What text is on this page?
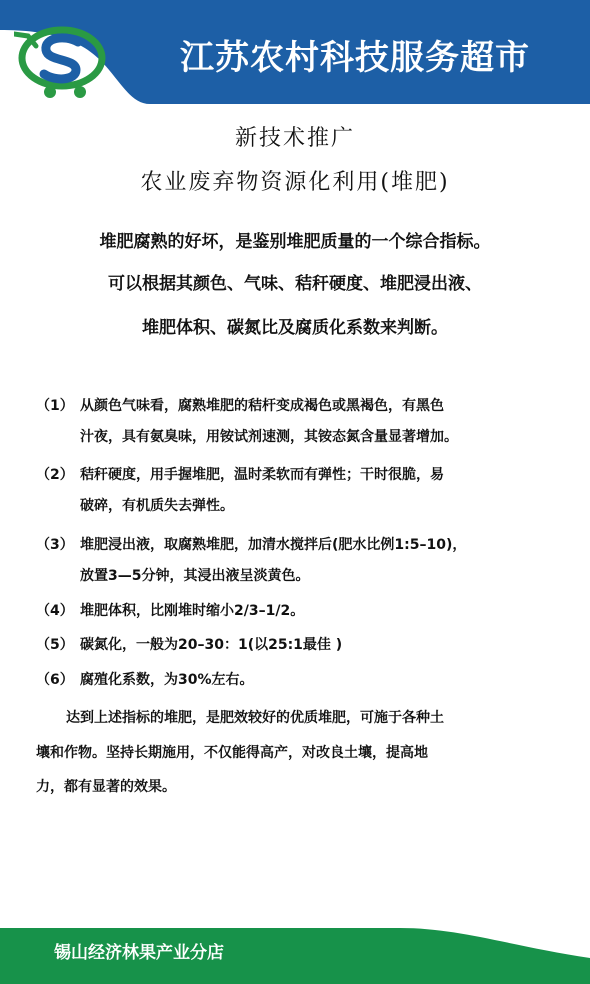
江苏农村科技服务超市
新技术推广
农业废弃物资源化利用(堆肥)
堆肥腐熟的好坏，是鉴别堆肥质量的一个综合指标。
可以根据其颜色、气味、秸秆硬度、堆肥浸出液、
堆肥体积、碳氮比及腐质化系数来判断。
（1） 从颜色气味看，腐熟堆肥的秸杆变成褐色或黑褐色，有黑色
汁夜，具有氨臭味，用铵试剂速测，其铵态氮含量显著增加。
（2） 秸秆硬度，用手握堆肥，温时柔软而有弹性；干时很脆，易
破碎，有机质失去弹性。
（3） 堆肥浸出液，取腐熟堆肥，加清水搅拌后(肥水比例1:5–10)，
放置3—5分钟，其浸出液呈淡黄色。
（4） 堆肥体积，比刚堆时缩小2/3–1/2。
（5） 碳氮化，一般为20–30：1(以25:1最佳 )
（6） 腐殖化系数，为30%左右。
达到上述指标的堆肥，是肥效较好的优质堆肥，可施于各种土
壤和作物。坚持长期施用，不仅能得高产，对改良土壤，提高地
力，都有显著的效果。
锡山经济林果产业分店
